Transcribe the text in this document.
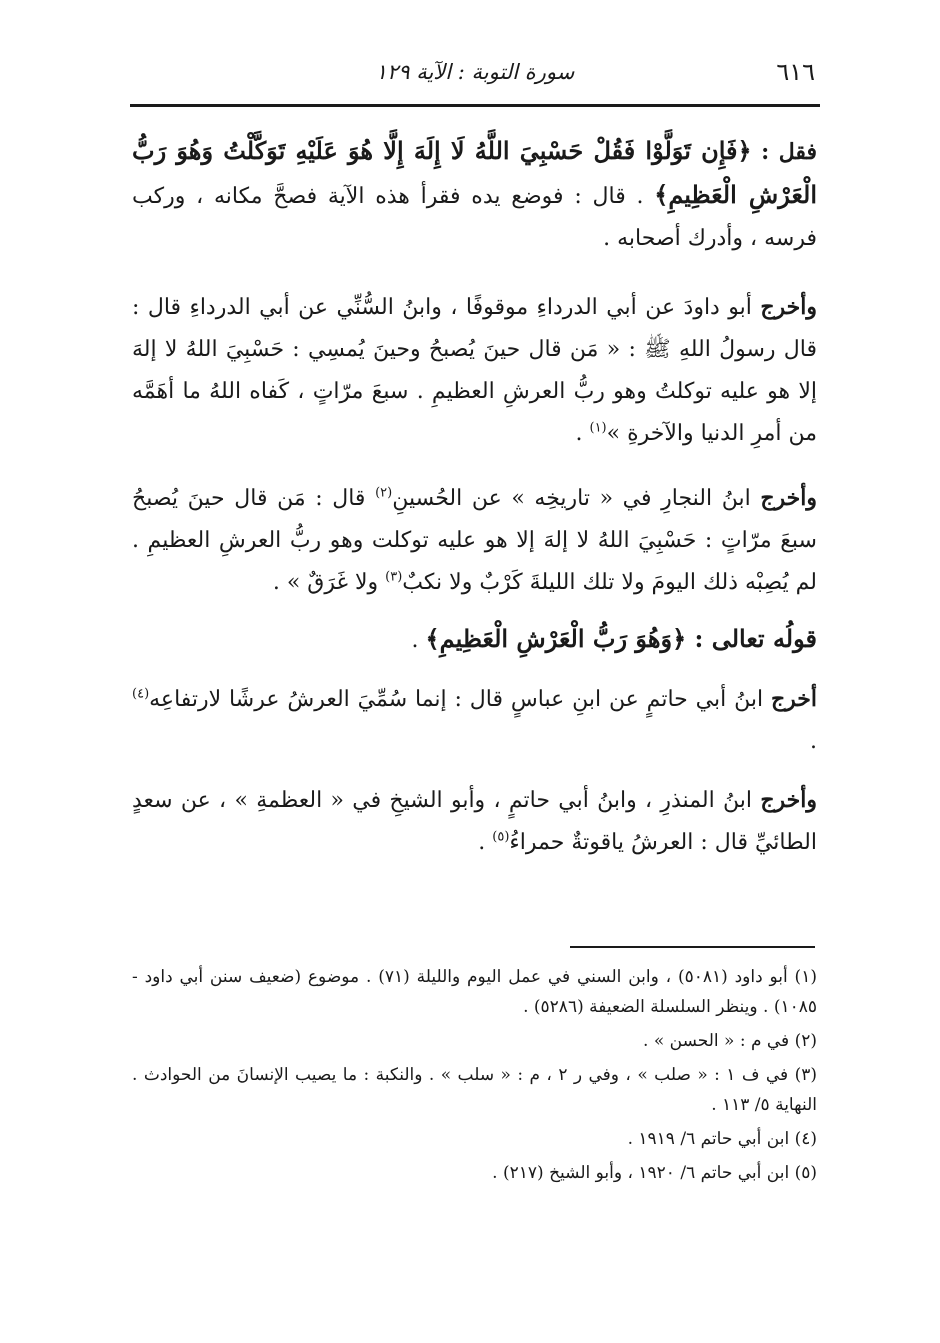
٦١٦
سورة التوبة : الآية ١٢٩

فقل : ﴿فَإِن تَوَلَّوْا فَقُلْ حَسْبِيَ اللَّهُ لَا إِلَهَ إِلَّا هُوَ عَلَيْهِ تَوَكَّلْتُ وَهُوَ رَبُّ الْعَرْشِ الْعَظِيمِ﴾ . قال : فوضع يده فقرأ هذه الآية فصحَّ مكانه ، وركب فرسه ، وأدرك أصحابه .

وأخرج أبو داودَ عن أبي الدرداءِ موقوفًا ، وابنُ السُّنِّي عن أبي الدرداءِ قال : قال رسولُ اللهِ ﷺ : « مَن قال حينَ يُصبحُ وحينَ يُمسِي : حَسْبِيَ اللهُ لا إلهَ إلا هو عليه توكلتُ وهو ربُّ العرشِ العظيمِ . سبعَ مرّاتٍ ، كَفاه اللهُ ما أهَمَّه من أمرِ الدنيا والآخرةِ »$^{(١)}$ .

وأخرج ابنُ النجارِ في « تاريخِه » عن الحُسينِ$^{(٢)}$ قال : مَن قال حينَ يُصبحُ سبعَ مرّاتٍ : حَسْبِيَ اللهُ لا إلهَ إلا هو عليه توكلت وهو ربُّ العرشِ العظيمِ . لم يُصِبْه ذلك اليومَ ولا تلك الليلةَ كَرْبٌ ولا نكبٌ$^{(٣)}$ ولا غَرَقٌ » .

قولُه تعالى : ﴿وَهُوَ رَبُّ الْعَرْشِ الْعَظِيمِ﴾ .

أخرج ابنُ أبي حاتمٍ عن ابنِ عباسٍ قال : إنما سُمِّيَ العرشُ عرشًا لارتفاعِه$^{(٤)}$ .

وأخرج ابنُ المنذرِ ، وابنُ أبي حاتمٍ ، وأبو الشيخِ في « العظمةِ » ، عن سعدٍ الطائيِّ قال : العرشُ ياقوتةٌ حمراءُ$^{(٥)}$ .

(١) أبو داود (٥٠٨١) ، وابن السني في عمل اليوم والليلة (٧١) . موضوع (ضعيف سنن أبي داود - ١٠٨٥) . وينظر السلسلة الضعيفة (٥٢٨٦) .

(٢) في م : « الحسن » .

(٣) في ف ١ : « صلب » ، وفي ر ٢ ، م : « سلب » . والنكبة : ما يصيب الإنسانَ من الحوادث . النهاية ٥/ ١١٣ .

(٤) ابن أبي حاتم ٦/ ١٩١٩ .

(٥) ابن أبي حاتم ٦/ ١٩٢٠ ، وأبو الشيخ (٢١٧) .
